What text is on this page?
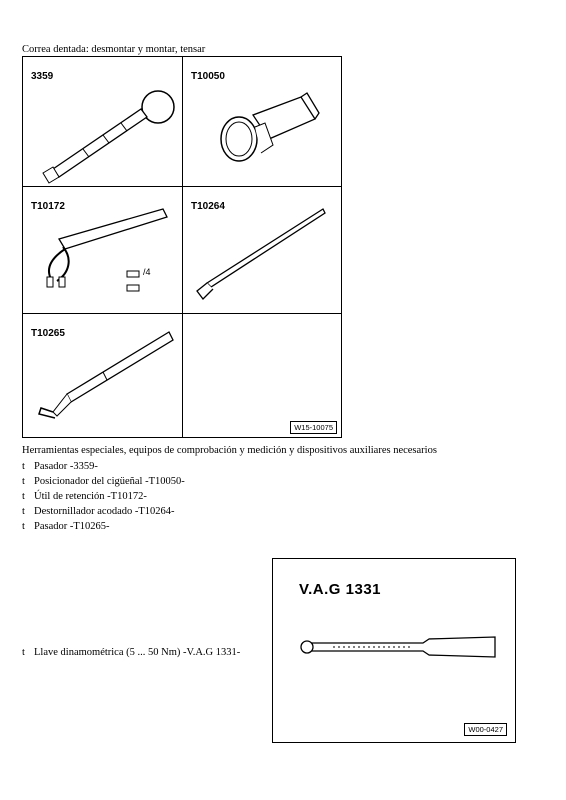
Correa dentada: desmontar y montar, tensar
3359	T10050
T10172
/4
T10264
T10265
W15-10075
Herramientas especiales, equipos de comprobación y medición y dispositivos auxiliares necesarios
t Pasador -3359-
t Posicionador del cigüeñal -T10050-
t Útil de retención -T10172-
t Destornillador acodado -T10264-
t Pasador -T10265-
t Llave dinamométrica (5 ... 50 Nm) -V.A.G 1331-
V.A.G 1331
W00-0427
